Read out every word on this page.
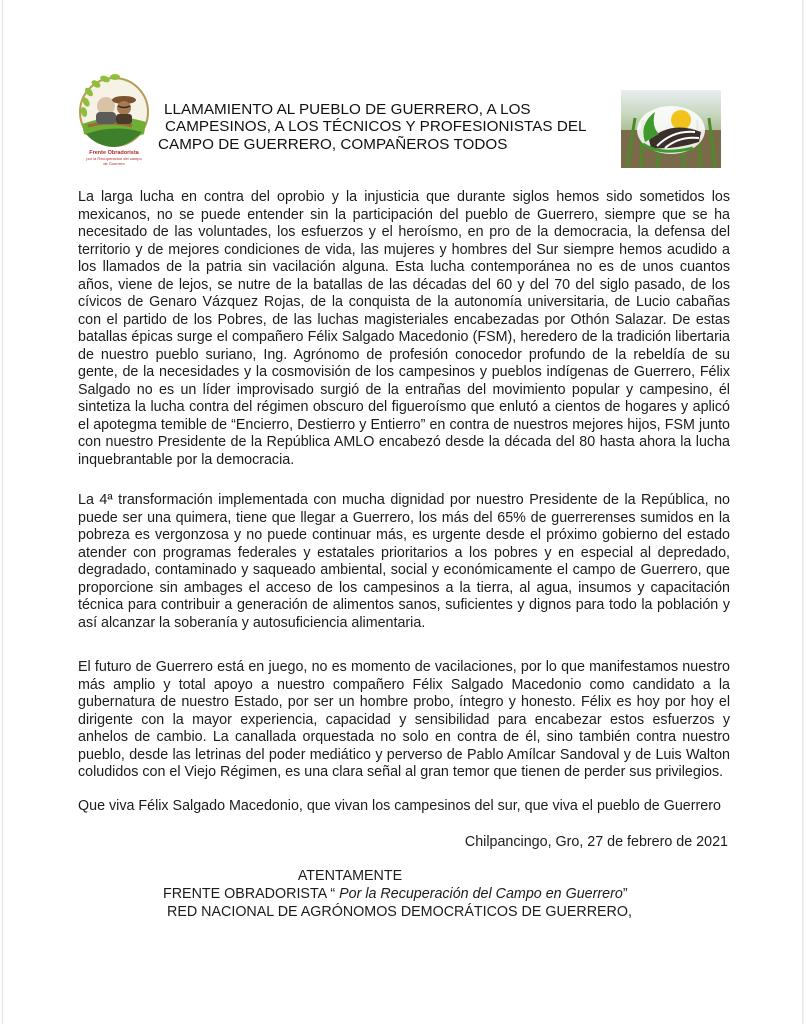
Frente Obradorista
por la Recuperación del campo
de Guerrero
LLAMAMIENTO AL PUEBLO DE GUERRERO, A LOS
CAMPESINOS, A LOS TÉCNICOS Y PROFESIONISTAS DEL
CAMPO DE GUERRERO, COMPAÑEROS TODOS

La larga lucha en contra del oprobio y la injusticia que durante siglos hemos sido sometidos los mexicanos, no se puede entender sin la participación del pueblo de Guerrero, siempre que se ha necesitado de las voluntades, los esfuerzos y el heroísmo, en pro de la democracia, la defensa del territorio y de mejores condiciones de vida, las mujeres y hombres del Sur siempre hemos acudido a los llamados de la patria sin vacilación alguna. Esta lucha contemporánea no es de unos cuantos años, viene de lejos, se nutre de la batallas de las décadas del 60 y del 70 del siglo pasado, de los cívicos de Genaro Vázquez Rojas, de la conquista de la autonomía universitaria, de Lucio cabañas con el partido de los Pobres, de las luchas magisteriales encabezadas por Othón Salazar. De estas batallas épicas surge el compañero Félix Salgado Macedonio (FSM), heredero de la tradición libertaria de nuestro pueblo suriano, Ing. Agrónomo de profesión conocedor profundo de la rebeldía de su gente, de la necesidades y la cosmovisión de los campesinos y pueblos indígenas de Guerrero, Félix Salgado no es un líder improvisado surgió de la entrañas del movimiento popular y campesino, él sintetiza la lucha contra del régimen obscuro del figueroísmo que enlutó a cientos de hogares y aplicó el apotegma temible de “Encierro, Destierro y Entierro” en contra de nuestros mejores hijos, FSM junto con nuestro Presidente de la República AMLO encabezó desde la década del 80 hasta ahora la lucha inquebrantable por la democracia.

La 4ª transformación implementada con mucha dignidad por nuestro Presidente de la República, no puede ser una quimera, tiene que llegar a Guerrero, los más del 65% de guerrerenses sumidos en la pobreza es vergonzosa y no puede continuar más, es urgente desde el próximo gobierno del estado atender con programas federales y estatales prioritarios a los pobres y en especial al depredado, degradado, contaminado y saqueado ambiental, social y económicamente el campo de Guerrero, que proporcione sin ambages el acceso de los campesinos a la tierra, al agua, insumos y capacitación técnica para contribuir a generación de alimentos sanos, suficientes y dignos para todo la población y así alcanzar la soberanía y autosuficiencia alimentaria.

El futuro de Guerrero está en juego, no es momento de vacilaciones, por lo que manifestamos nuestro más amplio y total apoyo a nuestro compañero Félix Salgado Macedonio como candidato a la gubernatura de nuestro Estado, por ser un hombre probo, íntegro y honesto. Félix es hoy por hoy el dirigente con la mayor experiencia, capacidad y sensibilidad para encabezar estos esfuerzos y anhelos de cambio. La canallada orquestada no solo en contra de él, sino también contra nuestro pueblo, desde las letrinas del poder mediático y perverso de Pablo Amílcar Sandoval y de Luis Walton coludidos con el Viejo Régimen, es una clara señal al gran temor que tienen de perder sus privilegios.

Que viva Félix Salgado Macedonio, que vivan los campesinos del sur, que viva el pueblo de Guerrero

Chilpancingo, Gro, 27 de febrero de 2021
ATENTAMENTE
FRENTE OBRADORISTA “ Por la Recuperación del Campo en Guerrero”
RED NACIONAL DE AGRÓNOMOS DEMOCRÁTICOS DE GUERRERO,
